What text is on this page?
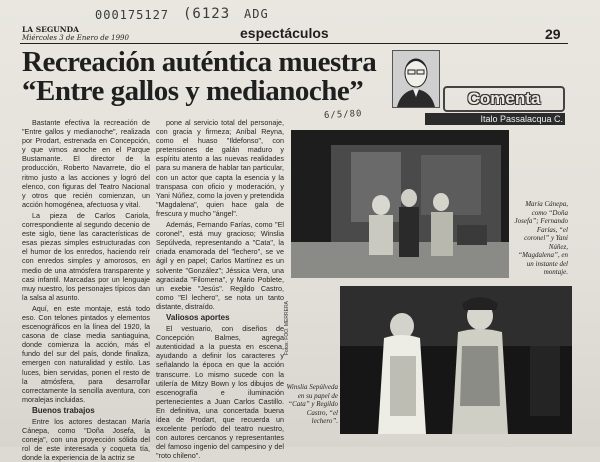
000175127 (6123 ADG
LA SEGUNDA
Miércoles 3 de Enero de 1990	espectáculos	29
Recreación auténtica muestra
“Entre gallos y medianoche”	Comenta
Italo Passalacqua C.
6/5/80

Bastante efectiva la recreación de "Entre gallos y medianoche", realizada por Prodart, estrenada en Concepción, y que vimos anoche en el Parque Bustamante. El director de la producción, Roberto Navarrete, dio el ritmo justo a las acciones y logró del elenco, con figuras del Teatro Nacional y otros que recién comienzan, un acción homogénea, afectuosa y vital.

La pieza de Carlos Cariola, correspondiente al segundo decenio de este siglo, tiene las características de esas piezas simples estructuradas con el humor de los enredos, haciendo reír con enredos simples y amorosos, en medio de una atmósfera transparente y casi infantil. Marcadas por un lenguaje muy nuestro, los personajes típicos dan la salsa al asunto.

Aquí, en este montaje, está todo eso. Con telones pintados y elementos escenográficos en la línea del 1920, la casona de clase media santiaguina, donde comienza la acción, más el fundo del sur del país, donde finaliza, emergen con naturalidad y estilo. Las luces, bien servidas, ponen el resto de la atmósfera, para desarrollar correctamente la sencilla aventura, con moralejas incluidas.

Buenos trabajos

Entre los actores destacan María Cánepa, como "Doña Josefa, la coneja", con una proyección sólida del rol de este interesada y coqueta tía, donde la experiencia de la actriz se

pone al servicio total del personaje, con gracia y firmeza; Aníbal Reyna, como el huaso "Ildefonso", con pretensiones de galán maduro y espíritu atento a las nuevas realidades para su manera de hablar tan particular, con un actor que capta la esencia y la transpasa con oficio y moderación, y Yani Núñez, como la joven y pretendida "Magdalena", quien hace gala de frescura y mucho "ángel".

Además, Fernando Farías, como "El coronel", está muy gracioso; Winslia Sepúlveda, representando a "Cata", la criada enamorada del "lechero", se ve ágil y en papel; Carlos Martínez es un solvente "González"; Jéssica Vera, una agraciada "Filomena", y Mario Poblete, un exebie "Jesús". Regildo Castro, como "El lechero", se nota un tanto distante, distraído.

Valiosos aportes

El vestuario, con diseños de Concepción Balmes, agrega autenticidad a la puesta en escena, ayudando a definir los caracteres y señalando la época en que la acción transcurre. Lo mismo sucede con la utilería de Mitzy Bown y los dibujos de escenografía e iluminación pertenecientes a Juan Carlos Castillo. En definitiva, una concertada buena idea de Prodart, que recuerda un excelente período del teatro nuestro, con autores cercanos y representantes del famoso ingenio del campesino y del "roto chileno".

María Cánepa, como “Doña Josefa”; Fernando Farías, “el coronel” y Yani Núñez, “Magdalena”, en un instante del montaje.
Fotos: FOO. MERRERA
Winslia Sepúlveda en su papel de “Cata” y Regildo Castro, “el lechero”.
